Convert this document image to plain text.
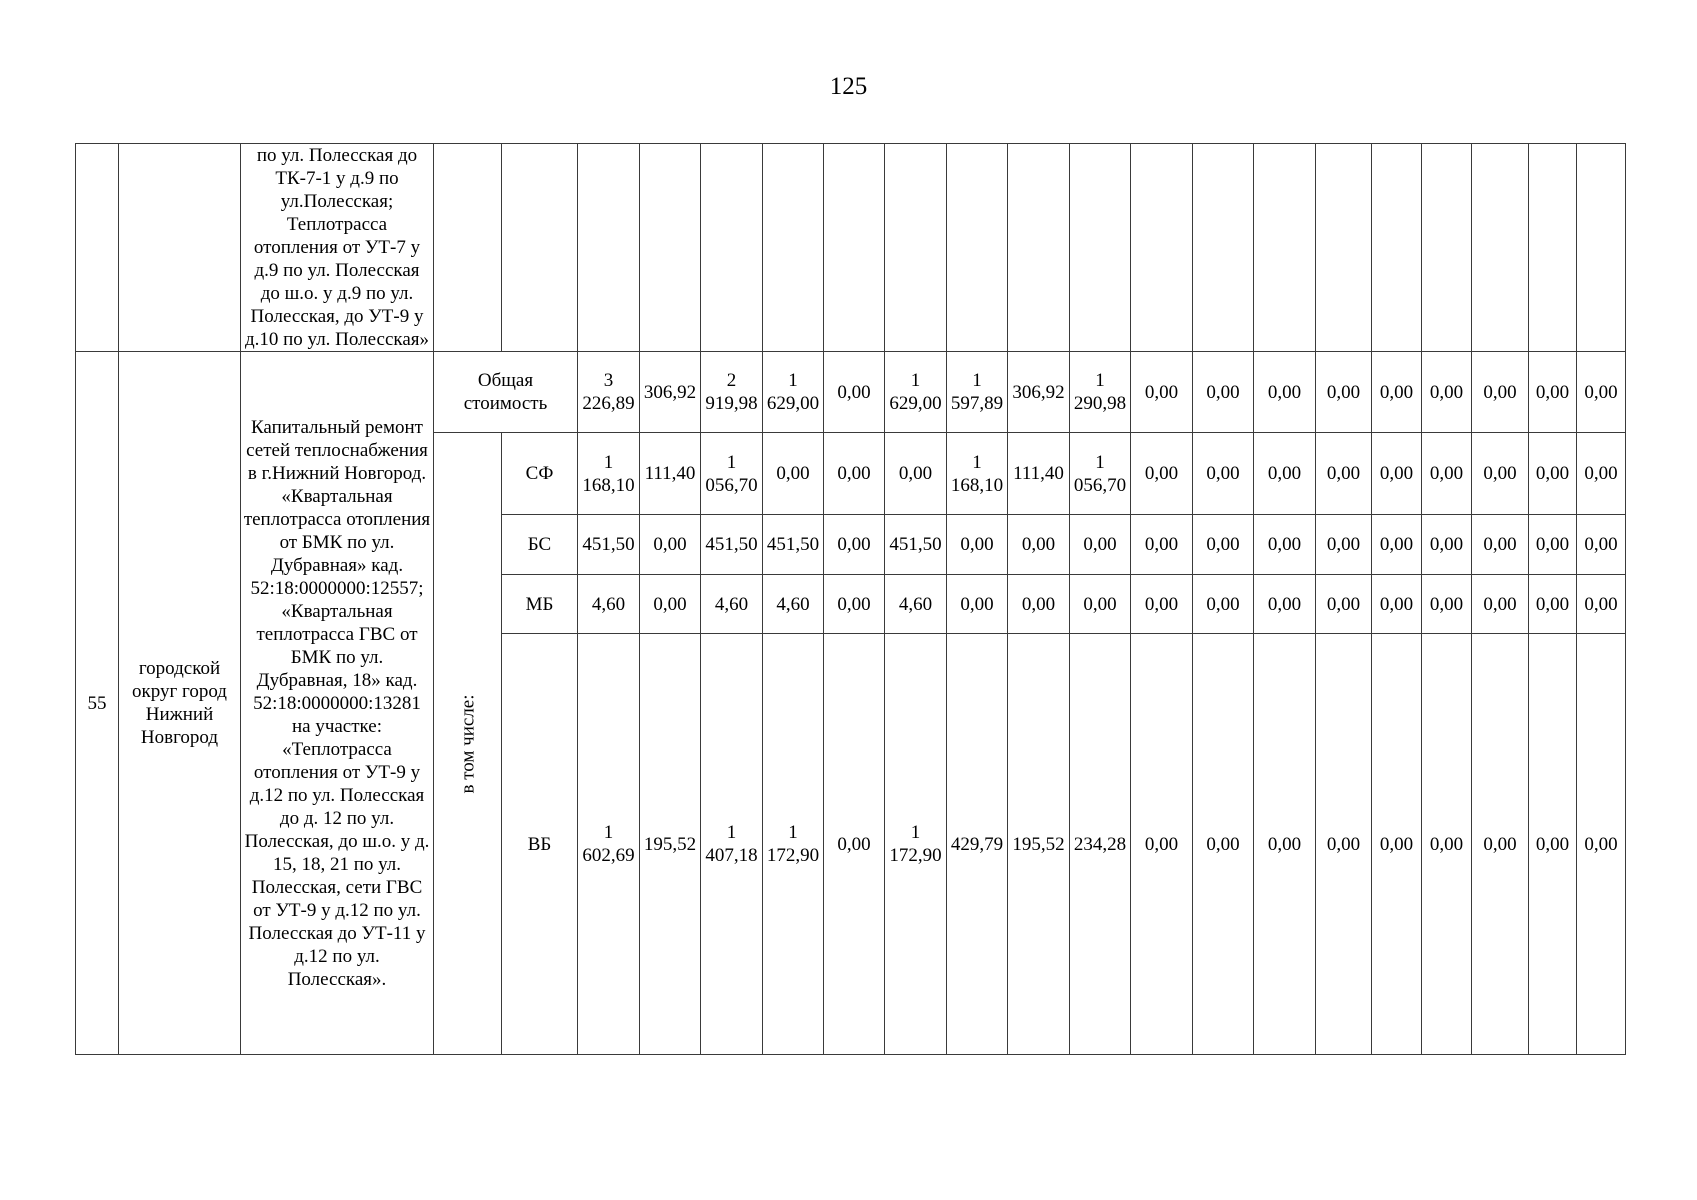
125
		по ул. Полесская до ТК-7-1 у д.9 по ул.Полесская; Теплотрасса отопления от УТ-7 у д.9 по ул. Полесская до ш.о. у д.9 по ул. Полесская, до УТ-9 у д.10 по ул. Полесская»																				
55	городской округ город Нижний Новгород	Капитальный ремонт сетей теплоснабжения в г.Нижний Новгород. «Квартальная теплотрасса отопления от БМК по ул. Дубравная» кад. 52:18:0000000:12557; «Квартальная теплотрасса ГВС от БМК по ул. Дубравная, 18» кад. 52:18:0000000:13281 на участке: «Теплотрасса отопления от УТ-9 у д.12 по ул. Полесская до д. 12 по ул. Полесская, до ш.о. у д. 15, 18, 21 по ул. Полесская, сети ГВС от УТ-9 у д.12 по ул. Полесская до УТ-11 у д.12 по ул. Полесская».	Общая стоимость		3 226,89	306,92	2 919,98	1 629,00	0,00	1 629,00	1 597,89	306,92	1 290,98	0,00	0,00	0,00	0,00	0,00	0,00	0,00	0,00	0,00

			в том числе:	СФ	1 168,10	111,40	1 056,70	0,00	0,00	0,00	1 168,10	111,40	1 056,70	0,00	0,00	0,00	0,00	0,00	0,00	0,00	0,00	0,00
				БС	451,50	0,00	451,50	451,50	0,00	451,50	0,00	0,00	0,00	0,00	0,00	0,00	0,00	0,00	0,00	0,00	0,00	0,00
				МБ	4,60	0,00	4,60	4,60	0,00	4,60	0,00	0,00	0,00	0,00	0,00	0,00	0,00	0,00	0,00	0,00	0,00	0,00
				ВБ	1 602,69	195,52	1 407,18	1 172,90	0,00	1 172,90	429,79	195,52	234,28	0,00	0,00	0,00	0,00	0,00	0,00	0,00	0,00	0,00
